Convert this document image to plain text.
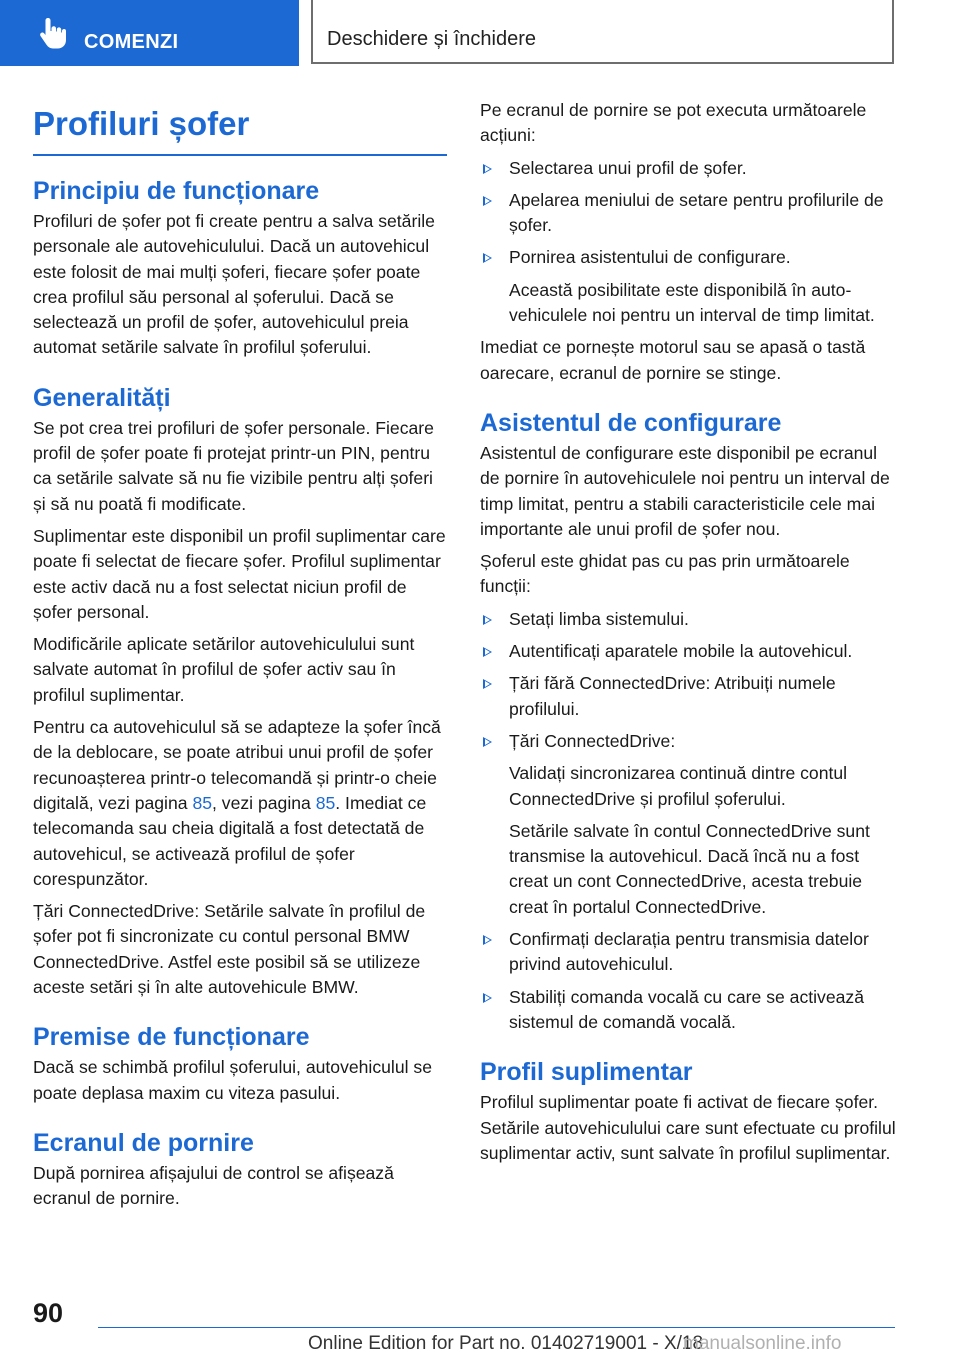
COMENZI	Deschidere și închidere
Profiluri șofer
Principiu de funcționare

Profiluri de șofer pot fi create pentru a salva setările personale ale autovehiculului. Dacă un autovehicul este folosit de mai mulți șoferi, fiecare șofer poate crea profilul său personal al șoferului. Dacă se selectează un profil de șofer, autovehiculul preia automat setările salvate în profilul șoferului.

Generalități

Se pot crea trei profiluri de șofer personale. Fiecare profil de șofer poate fi protejat printr-un PIN, pentru ca setările salvate să nu fie vizibile pentru alți șoferi și să nu poată fi modificate.

Suplimentar este disponibil un profil suplimentar care poate fi selectat de fiecare șofer. Profilul suplimentar este activ dacă nu a fost selectat niciun profil de șofer personal.

Modificările aplicate setărilor autovehiculului sunt salvate automat în profilul de șofer activ sau în profilul suplimentar.

Pentru ca autovehiculul să se adapteze la șofer încă de la deblocare, se poate atribui unui profil de șofer recunoașterea printr-o telecomandă și printr-o cheie digitală, vezi pagina 85, vezi pagina 85. Imediat ce telecomanda sau cheia digitală a fost detectată de autovehicul, se activează profilul de șofer corespunzător.

Țări ConnectedDrive: Setările salvate în profilul de șofer pot fi sincronizate cu contul personal BMW ConnectedDrive. Astfel este posibil să se utilizeze aceste setări și în alte autovehicule BMW.

Premise de funcționare

Dacă se schimbă profilul șoferului, autovehiculul se poate deplasa maxim cu viteza pasului.

Ecranul de pornire

După pornirea afișajului de control se afișează ecranul de pornire.

Pe ecranul de pornire se pot executa următoarele acțiuni:

Selectarea unui profil de șofer.
Apelarea meniului de setare pentru profilurile de șofer.
Pornirea asistentului de configurare.
Această posibilitate este disponibilă în autovehiculele noi pentru un interval de timp limitat.

Imediat ce pornește motorul sau se apasă o tastă oarecare, ecranul de pornire se stinge.

Asistentul de configurare

Asistentul de configurare este disponibil pe ecranul de pornire în autovehiculele noi pentru un interval de timp limitat, pentru a stabili caracteristicile cele mai importante ale unui profil de șofer nou.

Șoferul este ghidat pas cu pas prin următoarele funcții:

Setați limba sistemului.
Autentificați aparatele mobile la autovehicul.
Țări fără ConnectedDrive: Atribuiți numele profilului.
Țări ConnectedDrive:
Validați sincronizarea continuă dintre contul ConnectedDrive și profilul șoferului.
Setările salvate în contul ConnectedDrive sunt transmise la autovehicul. Dacă încă nu a fost creat un cont ConnectedDrive, acesta trebuie creat în portalul ConnectedDrive.
Confirmați declarația pentru transmisia datelor privind autovehiculul.
Stabiliți comanda vocală cu care se activează sistemul de comandă vocală.
Profil suplimentar

Profilul suplimentar poate fi activat de fiecare șofer. Setările autovehiculului care sunt efectuate cu profilul suplimentar activ, sunt salvate în profilul suplimentar.

90
Online Edition for Part no. 01402719001 - X/18
manualsonline.info
